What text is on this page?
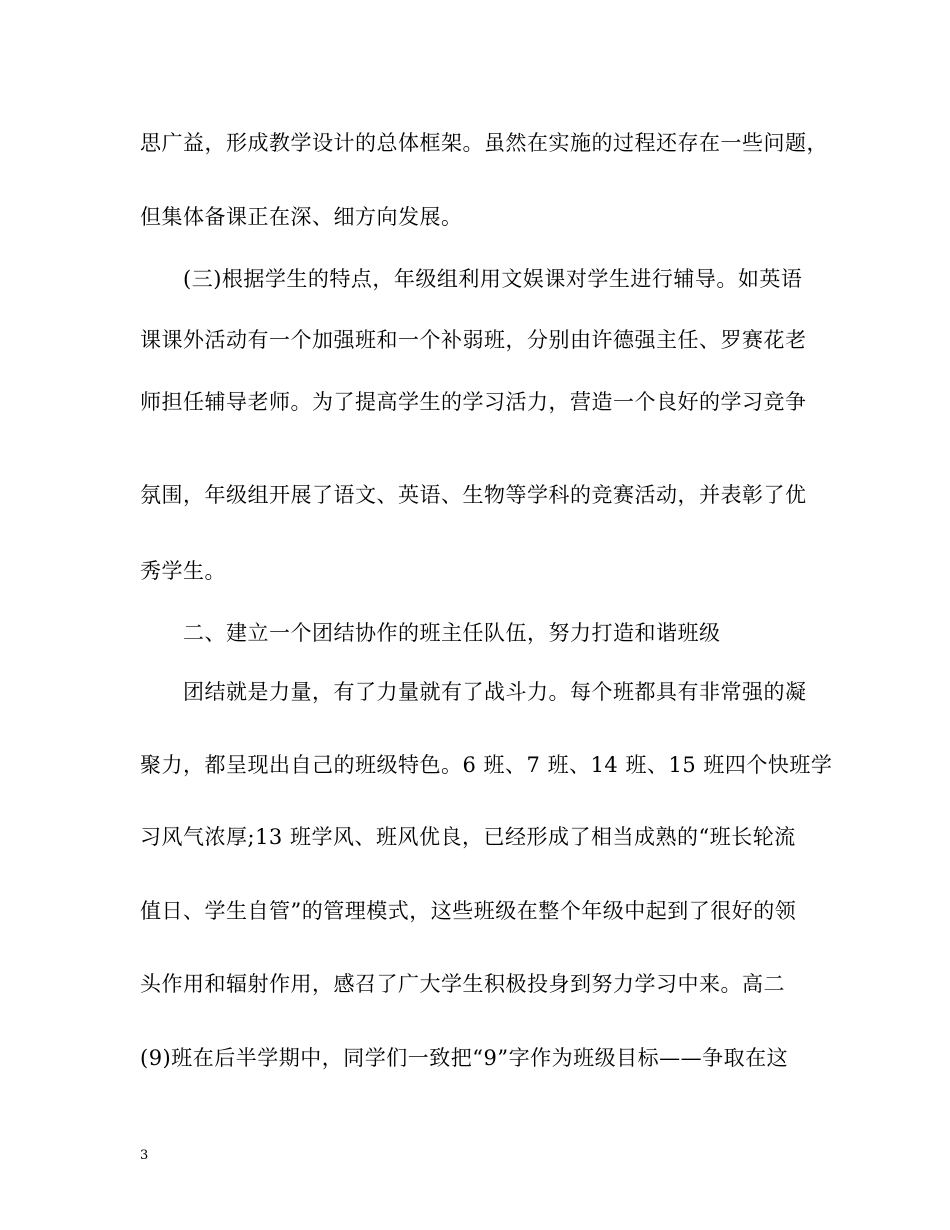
思广益，形成教学设计的总体框架。虽然在实施的过程还存在一些问题，
但集体备课正在深、细方向发展。
(三)根据学生的特点，年级组利用文娱课对学生进行辅导。如英语
课课外活动有一个加强班和一个补弱班，分别由许德强主任、罗赛花老
师担任辅导老师。为了提高学生的学习活力，营造一个良好的学习竞争
氛围，年级组开展了语文、英语、生物等学科的竞赛活动，并表彰了优
秀学生。
二、建立一个团结协作的班主任队伍，努力打造和谐班级
团结就是力量，有了力量就有了战斗力。每个班都具有非常强的凝
聚力，都呈现出自己的班级特色。6 班、7 班、14 班、15 班四个快班学
习风气浓厚;13 班学风、班风优良，已经形成了相当成熟的“班长轮流
值日、学生自管”的管理模式，这些班级在整个年级中起到了很好的领
头作用和辐射作用，感召了广大学生积极投身到努力学习中来。高二
(9)班在后半学期中，同学们一致把“9”字作为班级目标——争取在这
3
